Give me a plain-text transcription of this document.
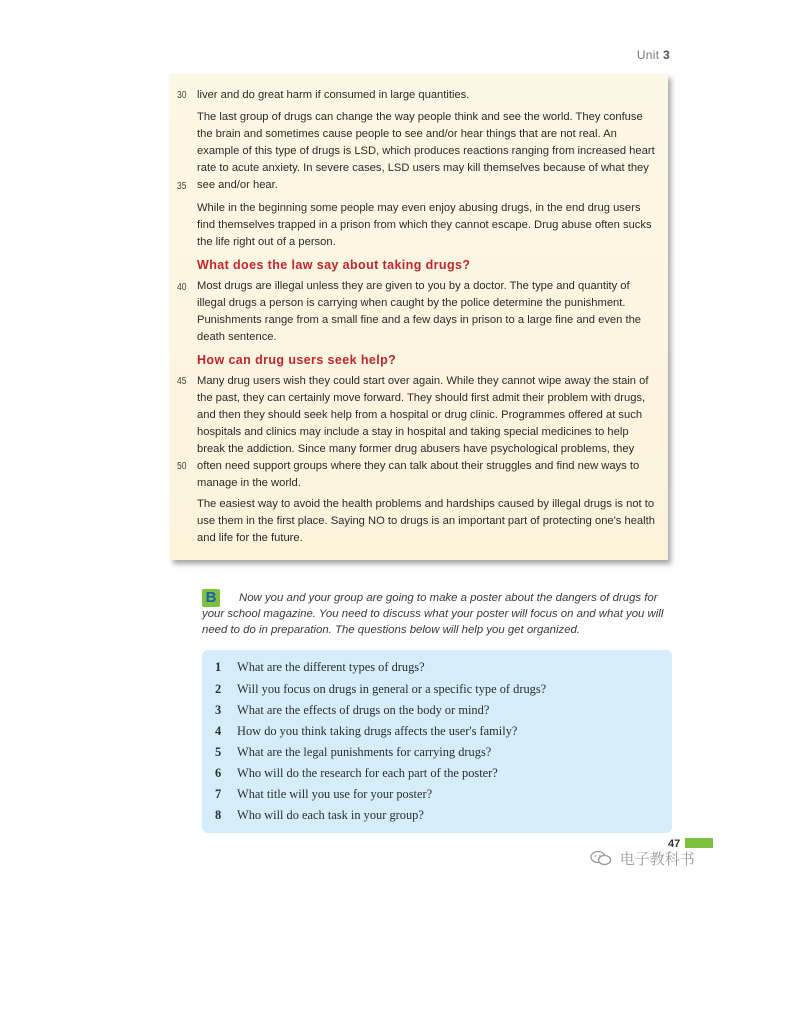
Unit 3
30
35
40
45
50

liver and do great harm if consumed in large quantities.

The last group of drugs can change the way people think and see the world. They confuse the brain and sometimes cause people to see and/or hear things that are not real. An example of this type of drugs is LSD, which produces reactions ranging from increased heart rate to acute anxiety. In severe cases, LSD users may kill themselves because of what they see and/or hear.

While in the beginning some people may even enjoy abusing drugs, in the end drug users find themselves trapped in a prison from which they cannot escape. Drug abuse often sucks the life right out of a person.

What does the law say about taking drugs?

Most drugs are illegal unless they are given to you by a doctor. The type and quantity of illegal drugs a person is carrying when caught by the police determine the punishment. Punishments range from a small fine and a few days in prison to a large fine and even the death sentence.

How can drug users seek help?

Many drug users wish they could start over again. While they cannot wipe away the stain of the past, they can certainly move forward. They should first admit their problem with drugs, and then they should seek help from a hospital or drug clinic. Programmes offered at such hospitals and clinics may include a stay in hospital and taking special medicines to help break the addiction. Since many former drug abusers have psychological problems, they often need support groups where they can talk about their struggles and find new ways to manage in the world.

The easiest way to avoid the health problems and hardships caused by illegal drugs is not to use them in the first place. Saying NO to drugs is an important part of protecting one's health and life for the future.

B	Now you and your group are going to make a poster about the dangers of drugs for your school magazine. You need to discuss what your poster will focus on and what you will need to do in preparation. The questions below will help you get organized.
1 What are the different types of drugs?
2 Will you focus on drugs in general or a specific type of drugs?
3 What are the effects of drugs on the body or mind?
4 How do you think taking drugs affects the user's family?
5 What are the legal punishments for carrying drugs?
6 Who will do the research for each part of the poster?
7 What title will you use for your poster?
8 Who will do each task in your group?
47
电子教科书
